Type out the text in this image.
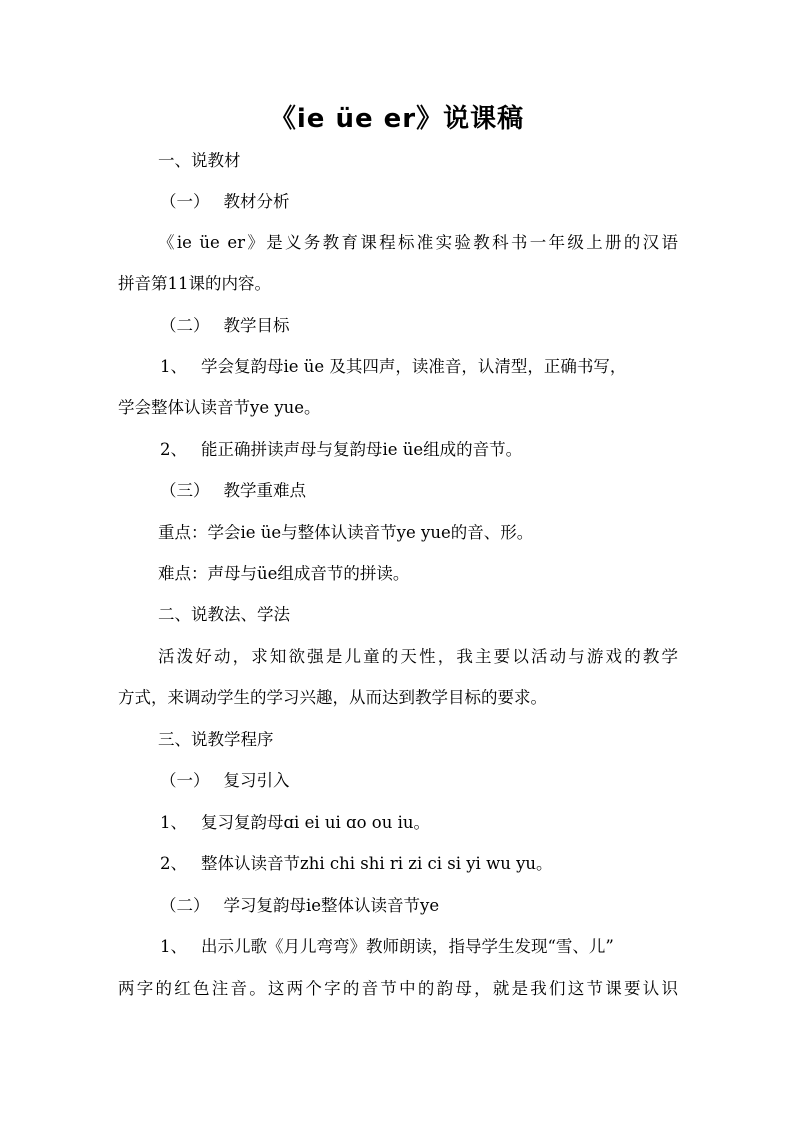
《ie üe er》说课稿
一、说教材
（一） 教材分析
《ie üe er》是义务教育课程标准实验教科书一年级上册的汉语
拼音第11课的内容。
（二） 教学目标
1、 学会复韵母ie üe 及其四声，读准音，认清型，正确书写，
学会整体认读音节ye yue。
2、 能正确拼读声母与复韵母ie üe组成的音节。
（三） 教学重难点
重点：学会ie üe与整体认读音节ye yue的音、形。
难点：声母与üe组成音节的拼读。
二、说教法、学法
活泼好动，求知欲强是儿童的天性，我主要以活动与游戏的教学
方式，来调动学生的学习兴趣，从而达到教学目标的要求。
三、说教学程序
（一） 复习引入
1、 复习复韵母ɑi ei ui ɑo ou iu。
2、 整体认读音节zhi chi shi ri zi ci si yi wu yu。
（二） 学习复韵母ie整体认读音节ye
1、 出示儿歌《月儿弯弯》教师朗读，指导学生发现“雪、儿”
两字的红色注音。这两个字的音节中的韵母，就是我们这节课要认识
